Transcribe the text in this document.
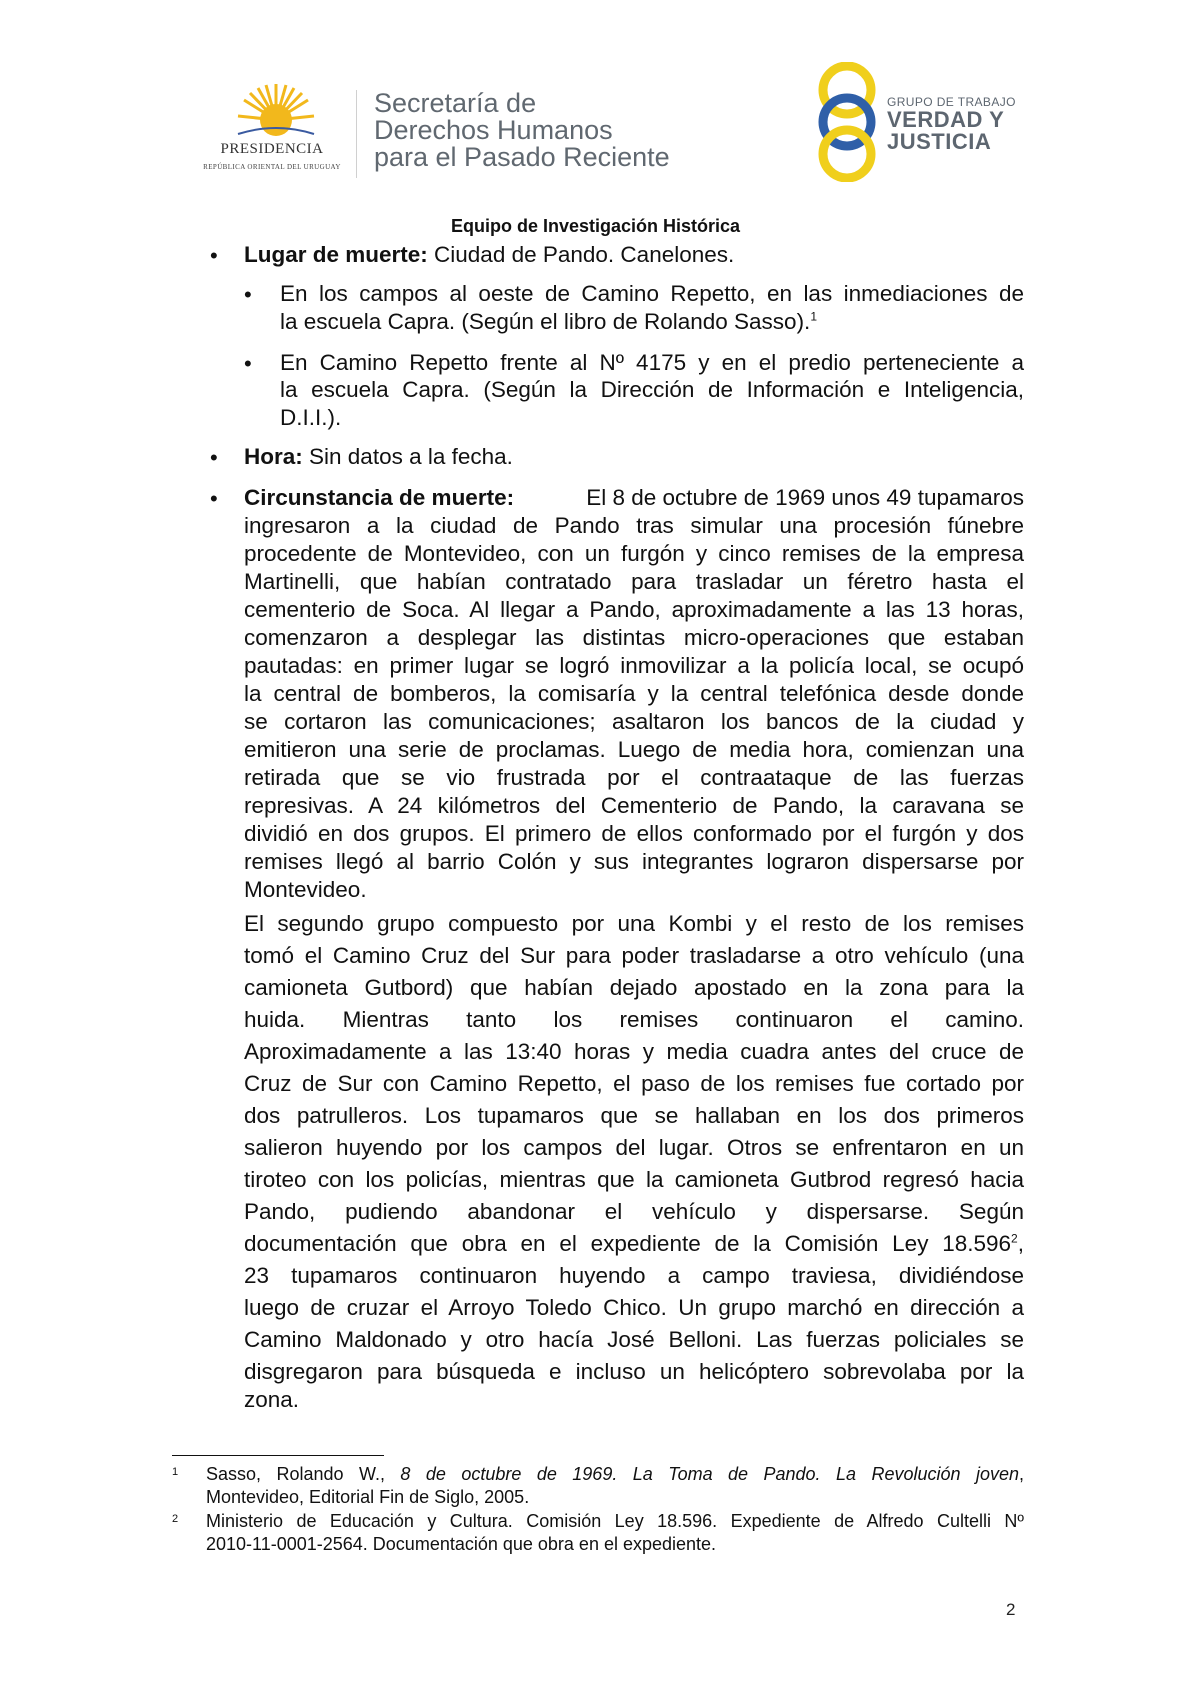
PRESIDENCIA
REPÚBLICA ORIENTAL DEL URUGUAY
Secretaría de
Derechos Humanos
para el Pasado Reciente
GRUPO DE TRABAJO
VERDAD Y
JUSTICIA
Equipo de Investigación Histórica
• Lugar de muerte: Ciudad de Pando. Canelones.
• En los campos al oeste de Camino Repetto, en las inmediaciones de
la escuela Capra. (Según el libro de Rolando Sasso).$^1$
• En Camino Repetto frente al Nº 4175 y en el predio perteneciente a
la escuela Capra. (Según la Dirección de Información e Inteligencia,
D.I.I.).
• Hora: Sin datos a la fecha.
• Circunstancia de muerte:	El 8 de octubre de 1969 unos 49 tupamaros
ingresaron a la ciudad de Pando tras simular una procesión fúnebre
procedente de Montevideo, con un furgón y cinco remises de la empresa
Martinelli, que habían contratado para trasladar un féretro hasta el
cementerio de Soca. Al llegar a Pando, aproximadamente a las 13 horas,
comenzaron a desplegar las distintas micro-operaciones que estaban
pautadas: en primer lugar se logró inmovilizar a la policía local, se ocupó
la central de bomberos, la comisaría y la central telefónica desde donde
se cortaron las comunicaciones; asaltaron los bancos de la ciudad y
emitieron una serie de proclamas. Luego de media hora, comienzan una
retirada que se vio frustrada por el contraataque de las fuerzas
represivas. A 24 kilómetros del Cementerio de Pando, la caravana se
dividió en dos grupos. El primero de ellos conformado por el furgón y dos
remises llegó al barrio Colón y sus integrantes lograron dispersarse por
Montevideo.
El segundo grupo compuesto por una Kombi y el resto de los remises
tomó el Camino Cruz del Sur para poder trasladarse a otro vehículo (una
camioneta Gutbord) que habían dejado apostado en la zona para la
huida. Mientras tanto los remises continuaron el camino.
Aproximadamente a las 13:40 horas y media cuadra antes del cruce de
Cruz de Sur con Camino Repetto, el paso de los remises fue cortado por
dos patrulleros. Los tupamaros que se hallaban en los dos primeros
salieron huyendo por los campos del lugar. Otros se enfrentaron en un
tiroteo con los policías, mientras que la camioneta Gutbrod regresó hacia
Pando, pudiendo abandonar el vehículo y dispersarse. Según
documentación que obra en el expediente de la Comisión Ley 18.596$^2$,
23 tupamaros continuaron huyendo a campo traviesa, dividiéndose
luego de cruzar el Arroyo Toledo Chico. Un grupo marchó en dirección a
Camino Maldonado y otro hacía José Belloni. Las fuerzas policiales se
disgregaron para búsqueda e incluso un helicóptero sobrevolaba por la
zona.
1 Sasso, Rolando W., 8 de octubre de 1969. La Toma de Pando. La Revolución joven,
Montevideo, Editorial Fin de Siglo, 2005.
2 Ministerio de Educación y Cultura. Comisión Ley 18.596. Expediente de Alfredo Cultelli Nº
2010-11-0001-2564. Documentación que obra en el expediente.
2
